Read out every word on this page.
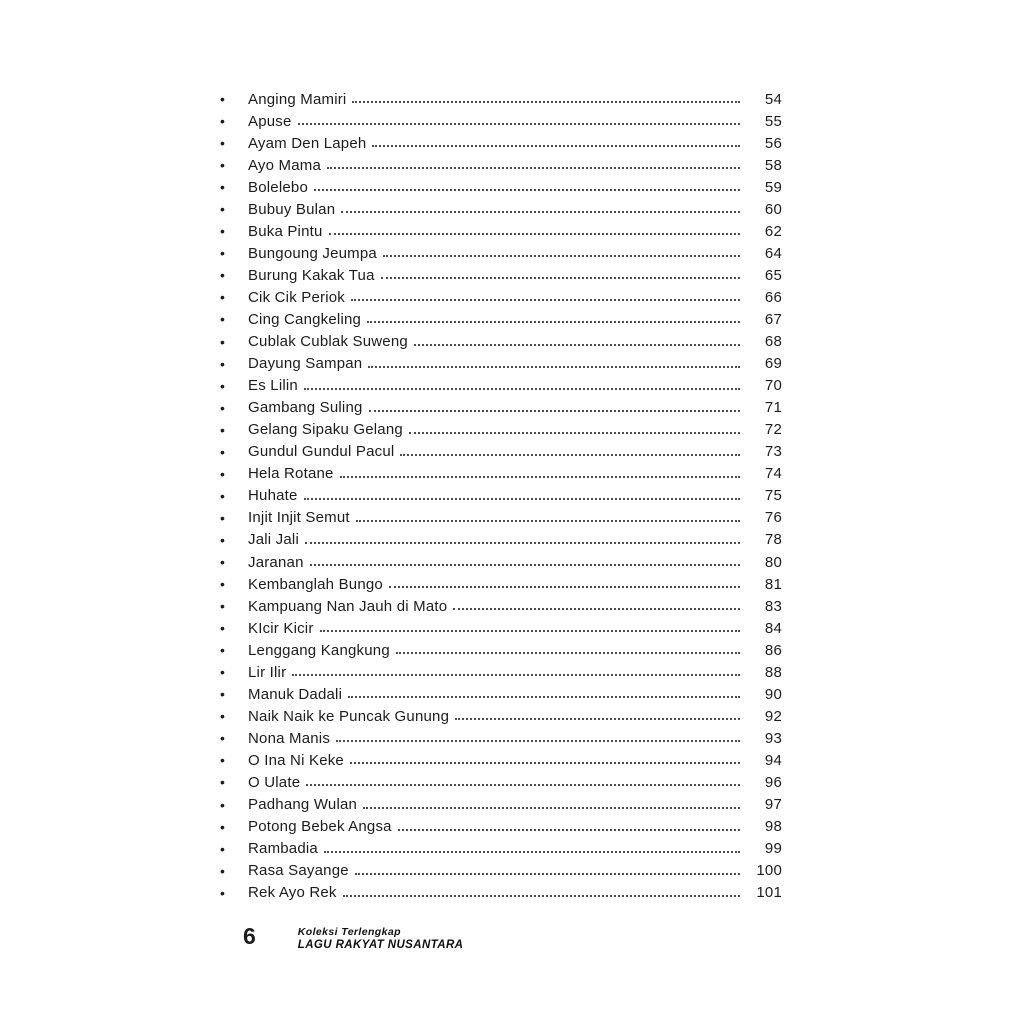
•	Anging Mamiri	54
•	Apuse	55
•	Ayam Den Lapeh	56
•	Ayo Mama	58
•	Bolelebo	59
•	Bubuy Bulan	60
•	Buka Pintu	62
•	Bungoung Jeumpa	64
•	Burung Kakak Tua	65
•	Cik Cik Periok	66
•	Cing Cangkeling	67
•	Cublak Cublak Suweng	68
•	Dayung Sampan	69
•	Es Lilin	70
•	Gambang Suling	71
•	Gelang Sipaku Gelang	72
•	Gundul Gundul Pacul	73
•	Hela Rotane	74
•	Huhate	75
•	Injit Injit Semut	76
•	Jali Jali	78
•	Jaranan	80
•	Kembanglah Bungo	81
•	Kampuang Nan Jauh di Mato	83
•	KIcir Kicir	84
•	Lenggang Kangkung	86
•	Lir Ilir	88
•	Manuk Dadali	90
•	Naik Naik ke Puncak Gunung	92
•	Nona Manis	93
•	O Ina Ni Keke	94
•	O Ulate	96
•	Padhang Wulan	97
•	Potong Bebek Angsa	98
•	Rambadia	99
•	Rasa Sayange	100
•	Rek Ayo Rek	101
6	Koleksi Terlengkap
LAGU RAKYAT NUSANTARA
